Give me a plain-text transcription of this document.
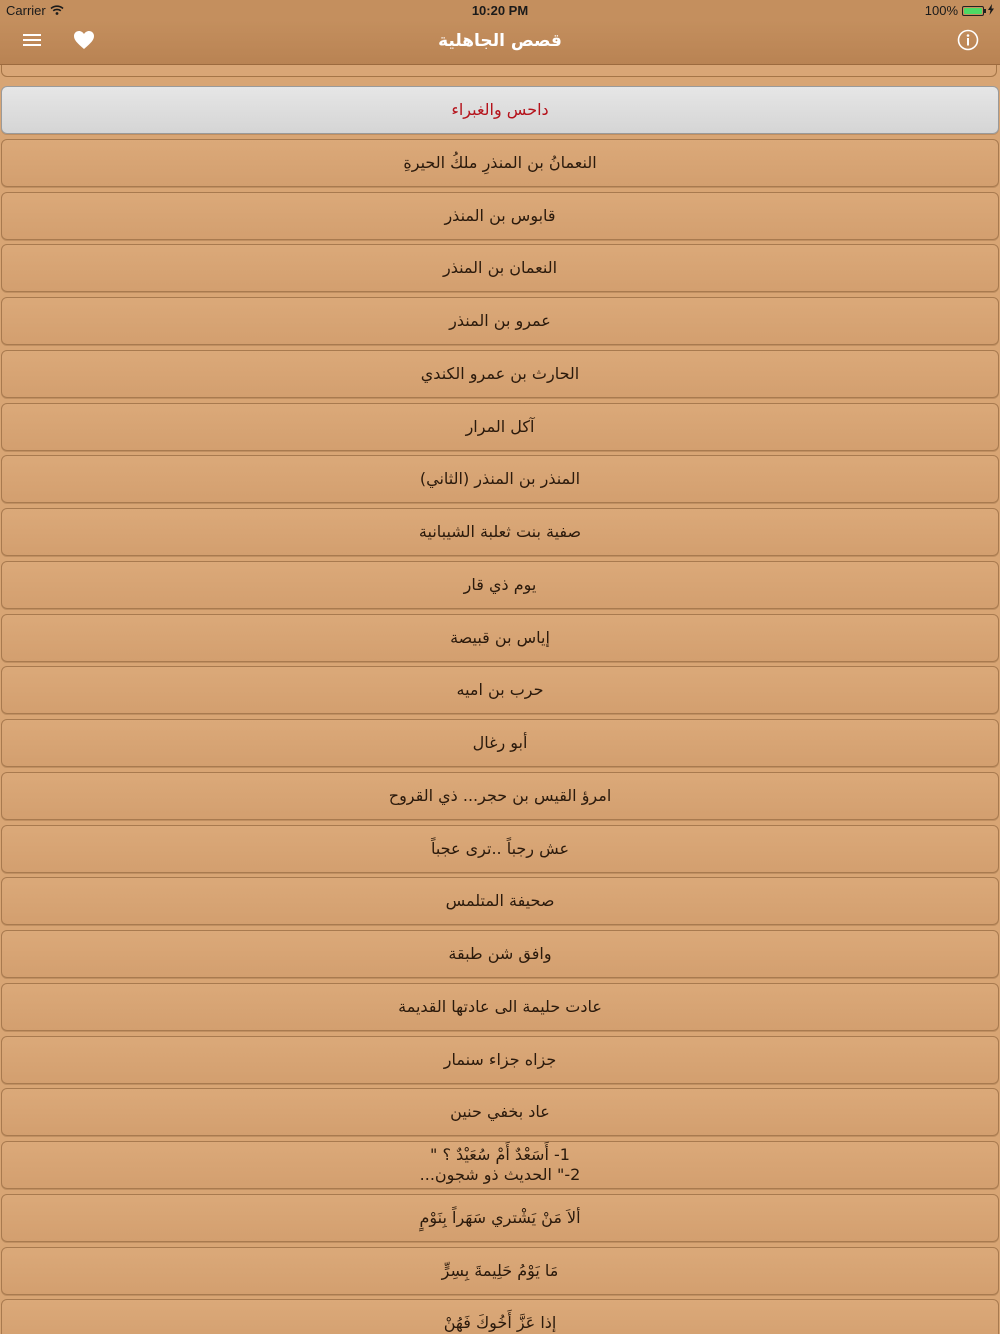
Carrier	10:20 PM	100%
قصص الجاهلية
داحس والغبراء
النعمانُ بن المنذرِ ملكُ الحيرةِ
قابوس بن المنذر
النعمان بن المنذر
عمرو بن المنذر
الحارث بن عمرو الكندي
آكل المرار
المنذر بن المنذر (الثاني)
صفية بنت ثعلبة الشيبانية
يوم ذي قار
إياس بن قبيصة
حرب بن اميه
أبو رغال
امرؤ القيس بن حجر... ذي القروح
عش رجباً ..ترى عجباً
صحيفة المتلمس
وافق شن طبقة
عادت حليمة الى عادتها القديمة
جزاه جزاء سنمار
عاد بخفي حنين
1- أَسَعْدٌ أَمْ سُعَيْدٌ ؟ "
2-" الحديث ذو شجون...
ألاَ مَنْ يَشْتري سَهَراً بِنَوْمٍ
مَا يَوْمُ حَلِيمةَ بِسِرٍّ
إذا عَزَّ أَخُوكَ فَهُنْ
